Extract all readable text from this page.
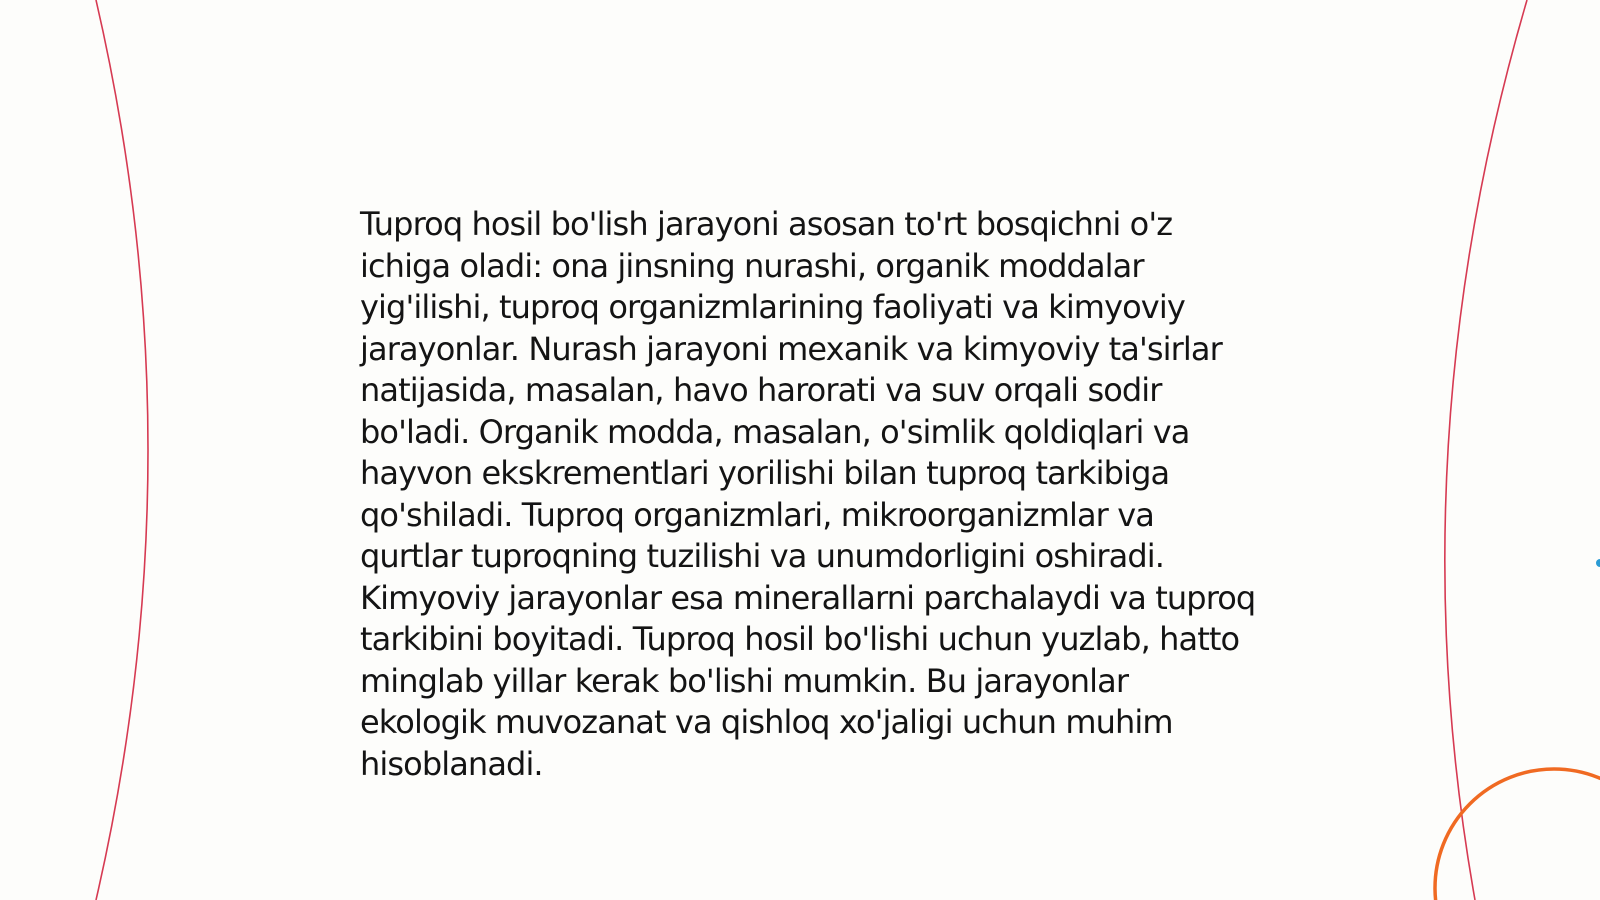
Tuproq hosil bo'lish jarayoni asosan to'rt bosqichni o'z ichiga oladi: ona jinsning nurashi, organik moddalar yig'ilishi, tuproq organizmlarining faoliyati va kimyoviy jarayonlar. Nurash jarayoni mexanik va kimyoviy ta'sirlar natijasida, masalan, havo harorati va suv orqali sodir bo'ladi. Organik modda, masalan, o'simlik qoldiqlari va hayvon ekskrementlari yorilishi bilan tuproq tarkibiga qo'shiladi. Tuproq organizmlari, mikroorganizmlar va qurtlar tuproqning tuzilishi va unumdorligini oshiradi. Kimyoviy jarayonlar esa minerallarni parchalaydi va tuproq tarkibini boyitadi. Tuproq hosil bo'lishi uchun yuzlab, hatto minglab yillar kerak bo'lishi mumkin. Bu jarayonlar ekologik muvozanat va qishloq xo'jaligi uchun muhim hisoblanadi.
